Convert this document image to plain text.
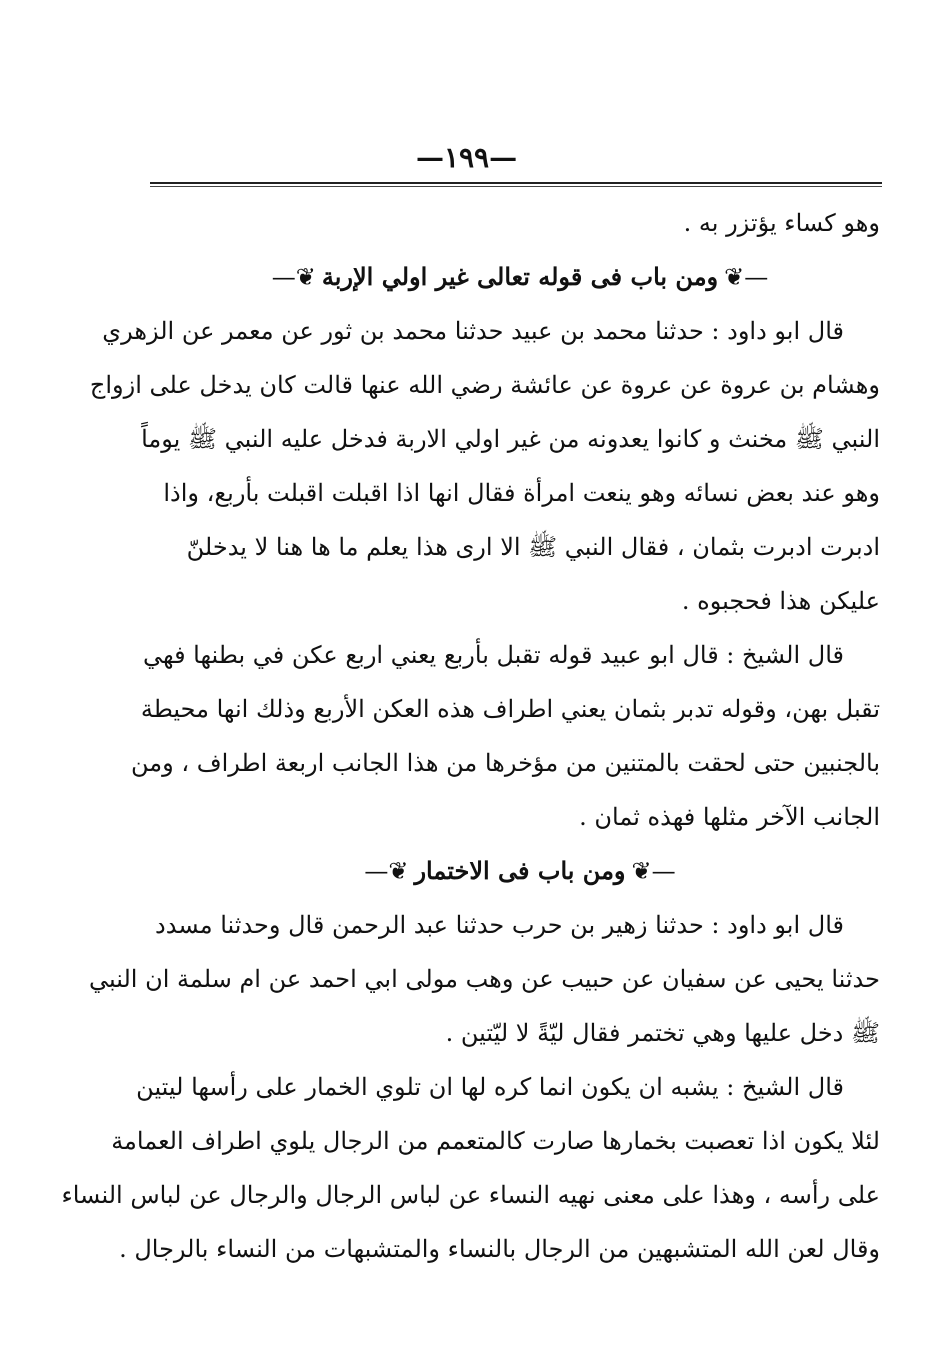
—١٩٩—
وهو كساء يؤتزر به .
—❦ومن باب فى قوله تعالى غير اولي الإربة❦—
قال ابو داود : حدثنا محمد بن عبيد حدثنا محمد بن ثور عن معمر عن الزهري
وهشام بن عروة عن عروة عن عائشة رضي الله عنها قالت كان يدخل على ازواج
النبي ﷺ مخنث و كانوا يعدونه من غير اولي الاربة فدخل عليه النبي ﷺ يوماً
وهو عند بعض نسائه وهو ينعت امرأة فقال انها اذا اقبلت اقبلت بأربع، واذا
ادبرت ادبرت بثمان ، فقال النبي ﷺ الا ارى هذا يعلم ما ها هنا لا يدخلنّ
عليكن هذا فحجبوه .
قال الشيخ : قال ابو عبيد قوله تقبل بأربع يعني اربع عكن في بطنها فهي
تقبل بهن، وقوله تدبر بثمان يعني اطراف هذه العكن الأربع وذلك انها محيطة
بالجنبين حتى لحقت بالمتنين من مؤخرها من هذا الجانب اربعة اطراف ، ومن
الجانب الآخر مثلها فهذه ثمان .
—❦ومن باب فى الاختمار❦—
قال ابو داود : حدثنا زهير بن حرب حدثنا عبد الرحمن قال وحدثنا مسدد
حدثنا يحيى عن سفيان عن حبيب عن وهب مولى ابي احمد عن ام سلمة ان النبي
ﷺ دخل عليها وهي تختمر فقال ليّةً لا ليّتين .
قال الشيخ : يشبه ان يكون انما كره لها ان تلوي الخمار على رأسها ليتين
لئلا يكون اذا تعصبت بخمارها صارت كالمتعمم من الرجال يلوي اطراف العمامة
على رأسه ، وهذا على معنى نهيه النساء عن لباس الرجال والرجال عن لباس النساء
وقال لعن الله المتشبهين من الرجال بالنساء والمتشبهات من النساء بالرجال .
